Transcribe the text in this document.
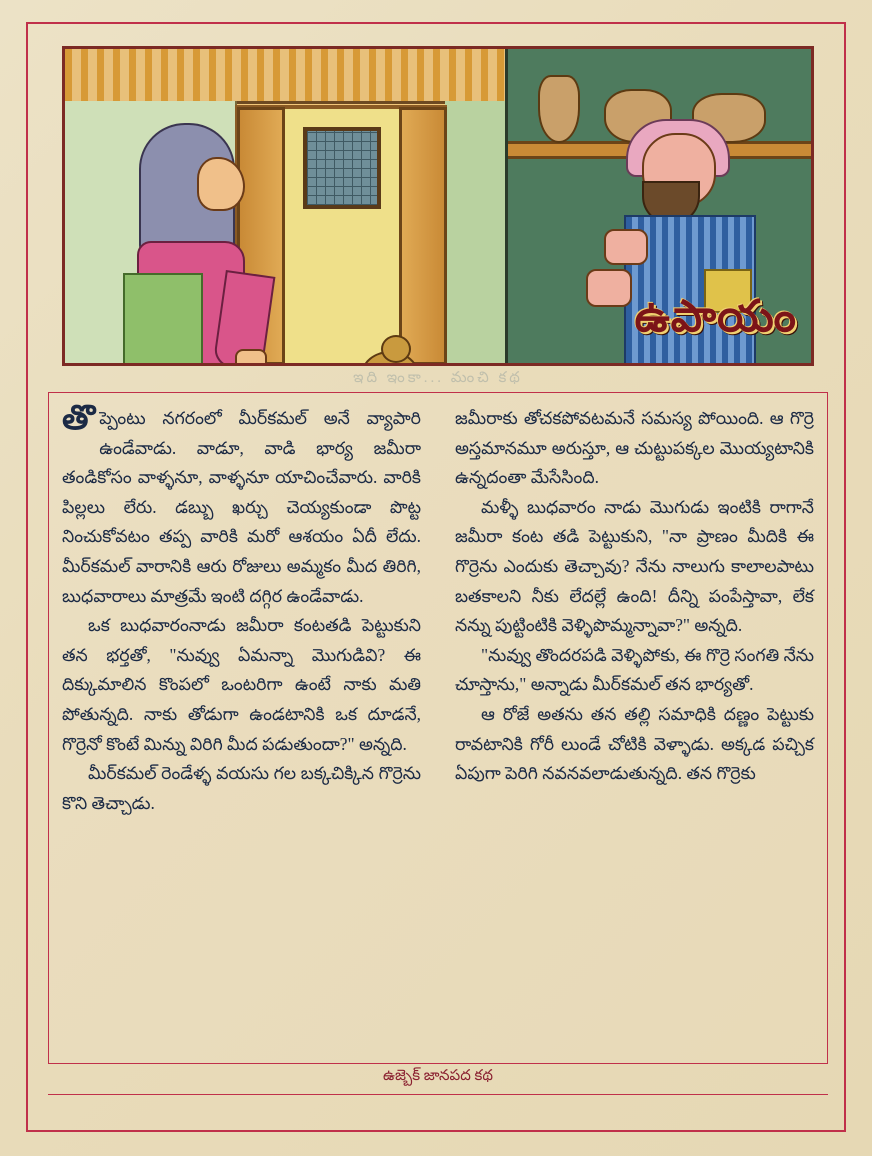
ఉపాయం
ఇది ఇంకా... మంచి కథ

తొప్పెంటు నగరంలో మీర్‌కమల్ అనే వ్యాపారి ఉండేవాడు. వాడూ, వాడి భార్య జమీరా తండికోసం వాళ్ళనూ, వాళ్ళనూ యాచించేవారు. వారికి పిల్లలు లేరు. డబ్బు ఖర్చు చెయ్యకుండా పొట్ట నించుకోవటం తప్ప వారికి మరో ఆశయం ఏదీ లేదు. మీర్‌కమల్ వారానికి ఆరు రోజులు అమ్మకం మీద తిరిగి, బుధవారాలు మాత్రమే ఇంటి దగ్గిర ఉండేవాడు.

ఒక బుధవారంనాడు జమీరా కంటతడి పెట్టుకుని తన భర్తతో, "నువ్వు ఏమన్నా మొగుడివి? ఈ దిక్కుమాలిన కొంపలో ఒంటరిగా ఉంటే నాకు మతి పోతున్నది. నాకు తోడుగా ఉండటానికి ఒక దూడనే, గొర్రెనో కొంటే మిన్ను విరిగి మీద పడుతుందా?" అన్నది.

మీర్‌కమల్ రెండేళ్ళ వయసు గల బక్కచిక్కిన గొర్రెను కొని తెచ్చాడు.

జమీరాకు తోచకపోవటమనే సమస్య పోయింది. ఆ గొర్రె అస్తమానమూ అరుస్తూ, ఆ చుట్టుపక్కల మొయ్యటానికి ఉన్నదంతా మేసేసింది.

మళ్ళీ బుధవారం నాడు మొగుడు ఇంటికి రాగానే జమీరా కంట తడి పెట్టుకుని, "నా ప్రాణం మీదికి ఈ గొర్రెను ఎందుకు తెచ్చావు? నేను నాలుగు కాలాలపాటు బతకాలని నీకు లేదల్లే ఉంది! దీన్ని పంపేస్తావా, లేక నన్ను పుట్టింటికి వెళ్ళిపొమ్మన్నావా?" అన్నది.

"నువ్వు తొందరపడి వెళ్ళిపోకు, ఈ గొర్రె సంగతి నేను చూస్తాను," అన్నాడు మీర్‌కమల్ తన భార్యతో.

ఆ రోజే అతను తన తల్లి సమాధికి దణ్ణం పెట్టుకు రావటానికి గోరీ లుండే చోటికి వెళ్ళాడు. అక్కడ పచ్చిక ఏపుగా పెరిగి నవనవలాడుతున్నది. తన గొర్రెకు

ఉజ్బెక్ జానపద కథ
